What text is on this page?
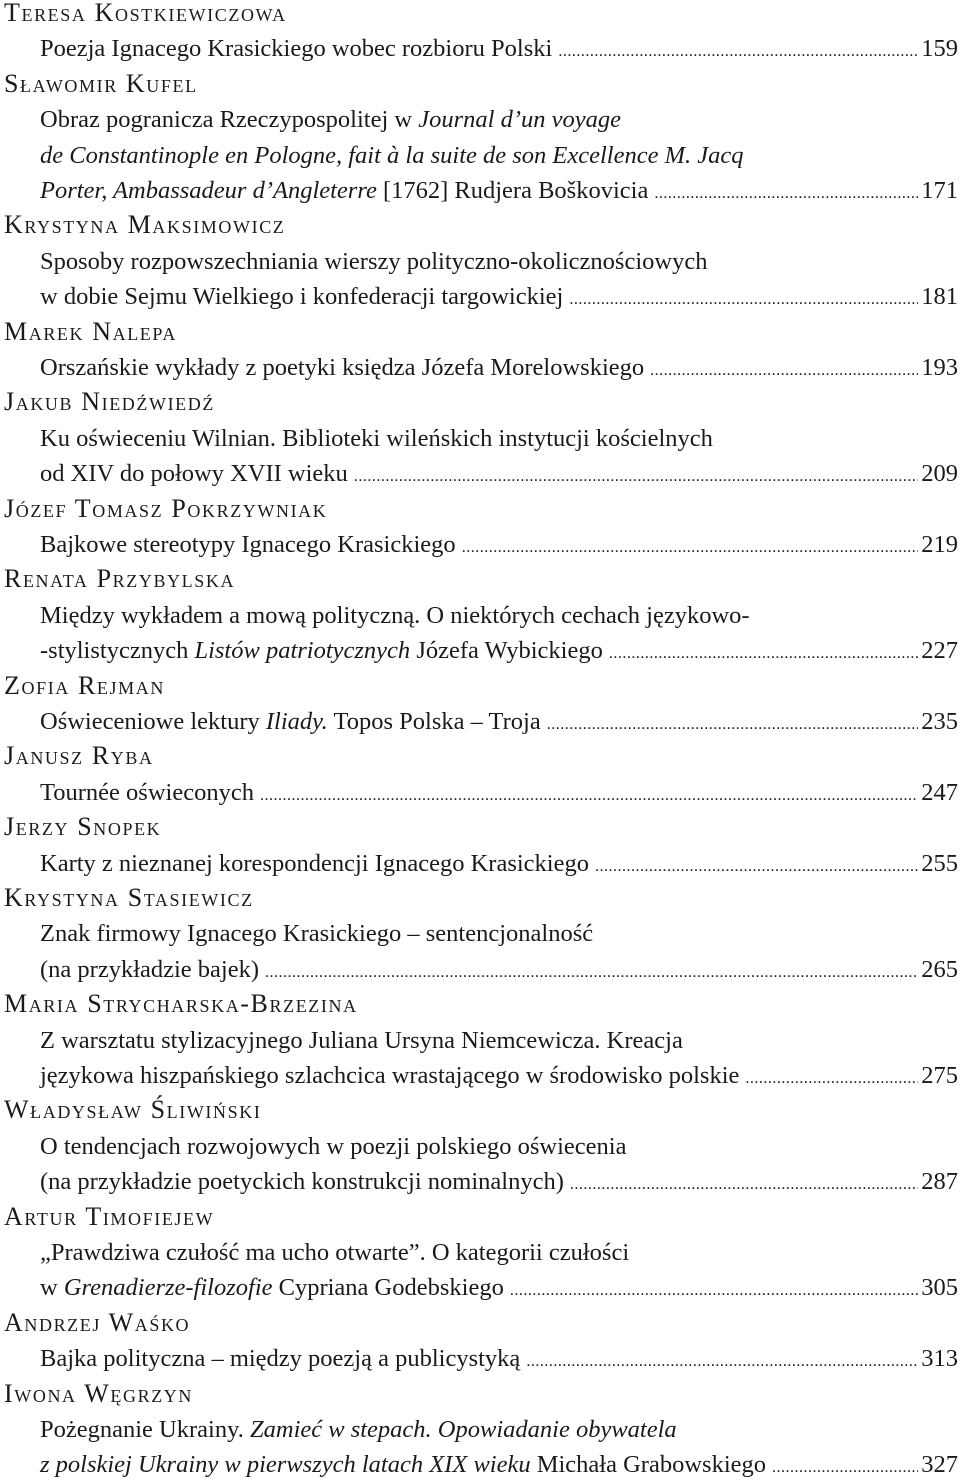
Teresa Kostkiewiczowa
Poezja Ignacego Krasickiego wobec rozbioru Polski .....	159
Sławomir Kufel
Obraz pogranicza Rzeczypospolitej w Journal d’un voyage
de Constantinople en Pologne, fait à la suite de son Excellence M. Jacq
Porter, Ambassadeur d’Angleterre [1762] Rudjera Boškovicia .....	171
Krystyna Maksimowicz
Sposoby rozpowszechniania wierszy polityczno-okolicznościowych
w dobie Sejmu Wielkiego i konfederacji targowickiej .....	181
Marek Nalepa
Orszańskie wykłady z poetyki księdza Józefa Morelowskiego .....	193
Jakub Niedźwiedź
Ku oświeceniu Wilnian. Biblioteki wileńskich instytucji kościelnych
od XIV do połowy XVII wieku .....	209
Józef Tomasz Pokrzywniak
Bajkowe stereotypy Ignacego Krasickiego .....	219
Renata Przybylska
Między wykładem a mową polityczną. O niektórych cechach językowo-
-stylistycznych Listów patriotycznych Józefa Wybickiego .....	227
Zofia Rejman
Oświeceniowe lektury Iliady. Topos Polska – Troja .....	235
Janusz Ryba
Tournée oświeconych .....	247
Jerzy Snopek
Karty z nieznanej korespondencji Ignacego Krasickiego .....	255
Krystyna Stasiewicz
Znak firmowy Ignacego Krasickiego – sentencjonalność
(na przykładzie bajek) .....	265
Maria Strycharska-Brzezina
Z warsztatu stylizacyjnego Juliana Ursyna Niemcewicza. Kreacja
językowa hiszpańskiego szlachcica wrastającego w środowisko polskie .....	275
Władysław Śliwiński
O tendencjach rozwojowych w poezji polskiego oświecenia
(na przykładzie poetyckich konstrukcji nominalnych) .....	287
Artur Timofiejew
„Prawdziwa czułość ma ucho otwarte”. O kategorii czułości
w Grenadierze-filozofie Cypriana Godebskiego .....	305
Andrzej Waśko
Bajka polityczna – między poezją a publicystyką .....	313
Iwona Węgrzyn
Pożegnanie Ukrainy. Zamieć w stepach. Opowiadanie obywatela
z polskiej Ukrainy w pierwszych latach XIX wieku Michała Grabowskiego .....	327
